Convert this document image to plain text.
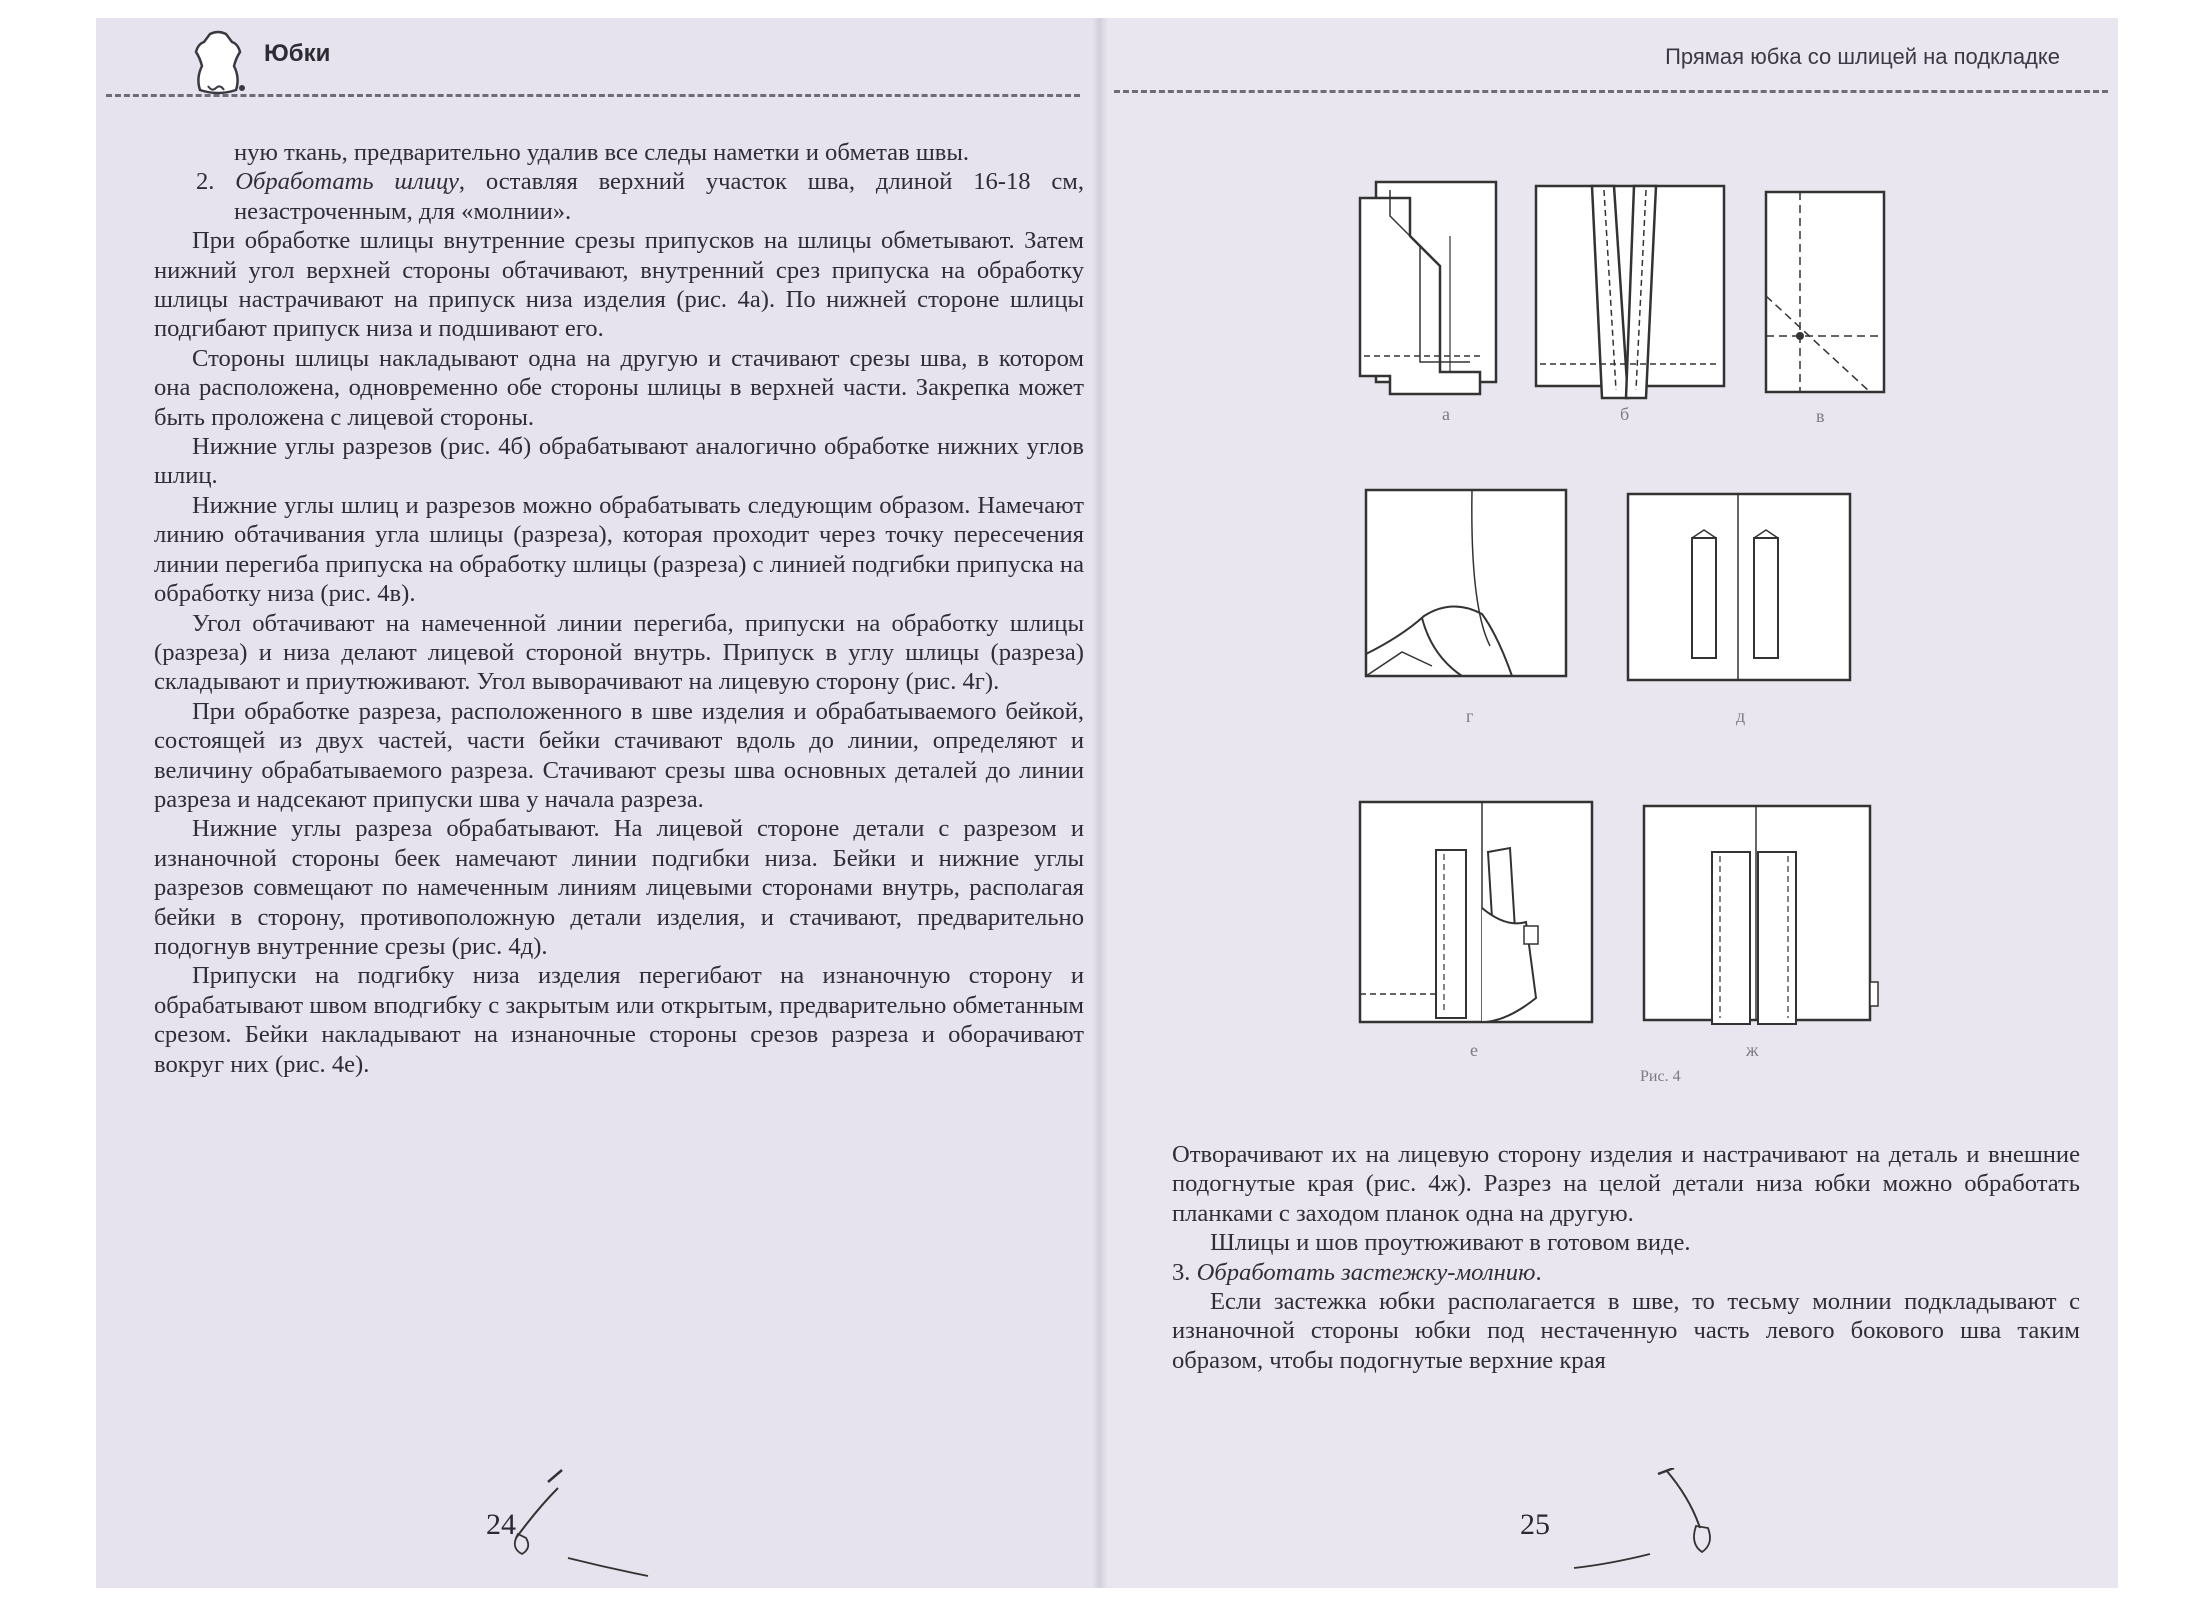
Юбки

ную ткань, предварительно удалив все следы наметки и обметав швы.

2. Обработать шлицу, оставляя верхний участок шва, длиной 16-18 см, незастроченным, для «молнии».

При обработке шлицы внутренние срезы припусков на шлицы обметывают. Затем нижний угол верхней стороны обтачивают, внутренний срез припуска на обработку шлицы настрачивают на припуск низа изделия (рис. 4а). По нижней стороне шлицы подгибают припуск низа и подшивают его.

Стороны шлицы накладывают одна на другую и стачивают срезы шва, в котором она расположена, одновременно обе стороны шлицы в верхней части. Закрепка может быть проложена с лицевой стороны.

Нижние углы разрезов (рис. 4б) обрабатывают аналогично обработке нижних углов шлиц.

Нижние углы шлиц и разрезов можно обрабатывать следующим образом. Намечают линию обтачивания угла шлицы (разреза), которая проходит через точку пересечения линии перегиба припуска на обработку шлицы (разреза) с линией подгибки припуска на обработку низа (рис. 4в).

Угол обтачивают на намеченной линии перегиба, припуски на обработку шлицы (разреза) и низа делают лицевой стороной внутрь. Припуск в углу шлицы (разреза) складывают и приутюживают. Угол выворачивают на лицевую сторону (рис. 4г).

При обработке разреза, расположенного в шве изделия и обрабатываемого бейкой, состоящей из двух частей, части бейки стачивают вдоль до линии, определяют и величину обрабатываемого разреза. Стачивают срезы шва основных деталей до линии разреза и надсекают припуски шва у начала разреза.

Нижние углы разреза обрабатывают. На лицевой стороне детали с разрезом и изнаночной стороны беек намечают линии подгибки низа. Бейки и нижние углы разрезов совмещают по намеченным линиям лицевыми сторонами внутрь, располагая бейки в сторону, противоположную детали изделия, и стачивают, предварительно подогнув внутренние срезы (рис. 4д).

Припуски на подгибку низа изделия перегибают на изнаночную сторону и обрабатывают швом вподгибку с закрытым или открытым, предварительно обметанным срезом. Бейки накладывают на изнаночные стороны срезов разреза и оборачивают вокруг них (рис. 4е).

Прямая юбка со шлицей на подкладке

Отворачивают их на лицевую сторону изделия и настрачивают на деталь и внешние подогнутые края (рис. 4ж). Разрез на целой детали низа юбки можно обработать планками с заходом планок одна на другую.

Шлицы и шов проутюживают в готовом виде.

3. Обработать застежку-молнию.

Если застежка юбки располагается в шве, то тесьму молнии подкладывают с изнаночной стороны юбки под нестаченную часть левого бокового шва таким образом, чтобы подогнутые верхние края

а	б	в
г	д
е	ж
Рис. 4
24	25
